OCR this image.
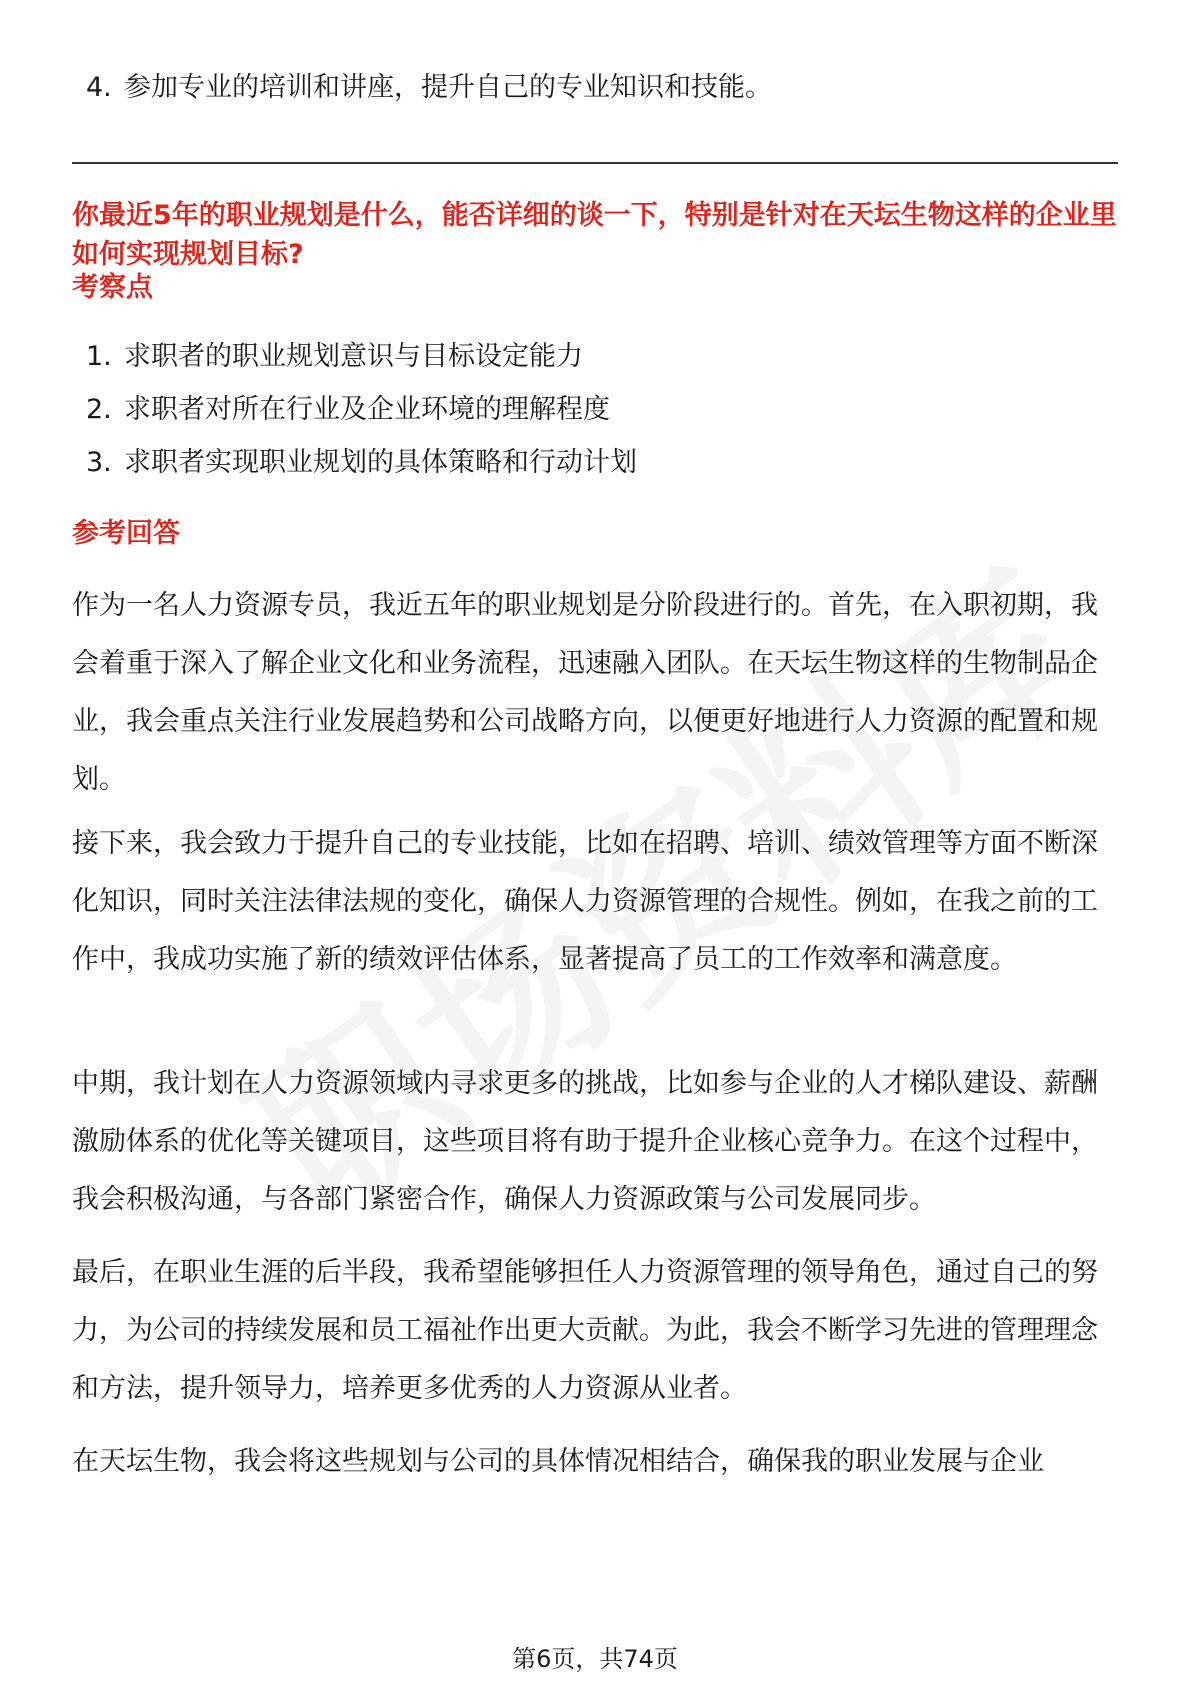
4. 参加专业的培训和讲座，提升自己的专业知识和技能。
你最近5年的职业规划是什么，能否详细的谈一下，特别是针对在天坛生物这样的企业里如何实现规划目标?
考察点
1. 求职者的职业规划意识与目标设定能力
2. 求职者对所在行业及企业环境的理解程度
3. 求职者实现职业规划的具体策略和行动计划
参考回答
作为一名人力资源专员，我近五年的职业规划是分阶段进行的。首先，在入职初期，我会着重于深入了解企业文化和业务流程，迅速融入团队。在天坛生物这样的生物制品企业，我会重点关注行业发展趋势和公司战略方向，以便更好地进行人力资源的配置和规划。
接下来，我会致力于提升自己的专业技能，比如在招聘、培训、绩效管理等方面不断深化知识，同时关注法律法规的变化，确保人力资源管理的合规性。例如，在我之前的工作中，我成功实施了新的绩效评估体系，显著提高了员工的工作效率和满意度。
中期，我计划在人力资源领域内寻求更多的挑战，比如参与企业的人才梯队建设、薪酬激励体系的优化等关键项目，这些项目将有助于提升企业核心竞争力。在这个过程中，我会积极沟通，与各部门紧密合作，确保人力资源政策与公司发展同步。
最后，在职业生涯的后半段，我希望能够担任人力资源管理的领导角色，通过自己的努力，为公司的持续发展和员工福祉作出更大贡献。为此，我会不断学习先进的管理理念和方法，提升领导力，培养更多优秀的人力资源从业者。
在天坛生物，我会将这些规划与公司的具体情况相结合，确保我的职业发展与企业
第6页，共74页
